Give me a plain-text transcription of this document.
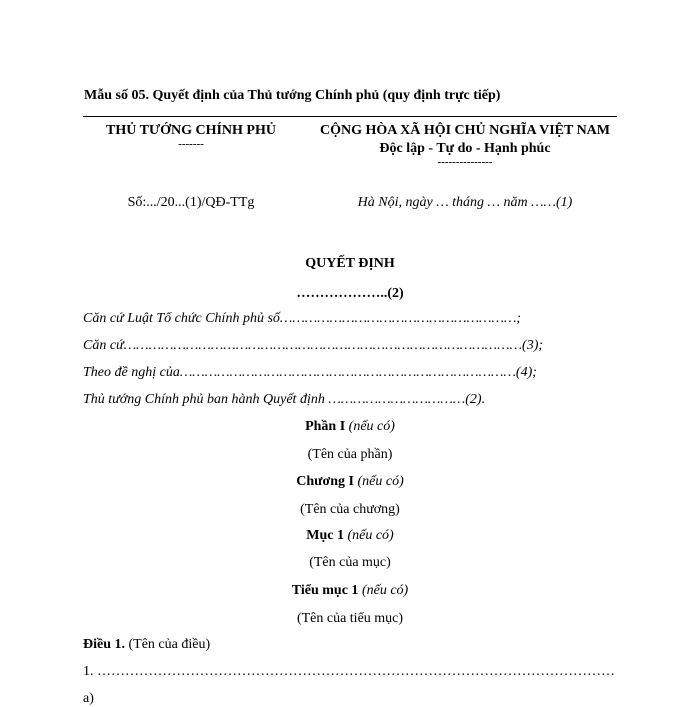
Mẫu số 05. Quyết định của Thủ tướng Chính phủ (quy định trực tiếp)
THỦ TƯỚNG CHÍNH PHỦ
-------
CỘNG HÒA XÃ HỘI CHỦ NGHĨA VIỆT NAM
Độc lập - Tự do - Hạnh phúc
---------------
Số:.../20...(1)/QĐ-TTg	Hà Nội, ngày … tháng … năm ……(1)
QUYẾT ĐỊNH
………………..(2)
Căn cứ Luật Tổ chức Chính phủ số…………………………………………………;
Căn cứ……………………………………………………………………………………(3);
Theo đề nghị của………………………………………………………………………(4);
Thủ tướng Chính phủ ban hành Quyết định ……………………………(2).
Phần I (nếu có)
(Tên của phần)
Chương I (nếu có)
(Tên của chương)
Mục 1 (nếu có)
(Tên của mục)
Tiểu mục 1 (nếu có)
(Tên của tiểu mục)
Điều 1. (Tên của điều)
1. …………………………………………………………………………………………………
a)
